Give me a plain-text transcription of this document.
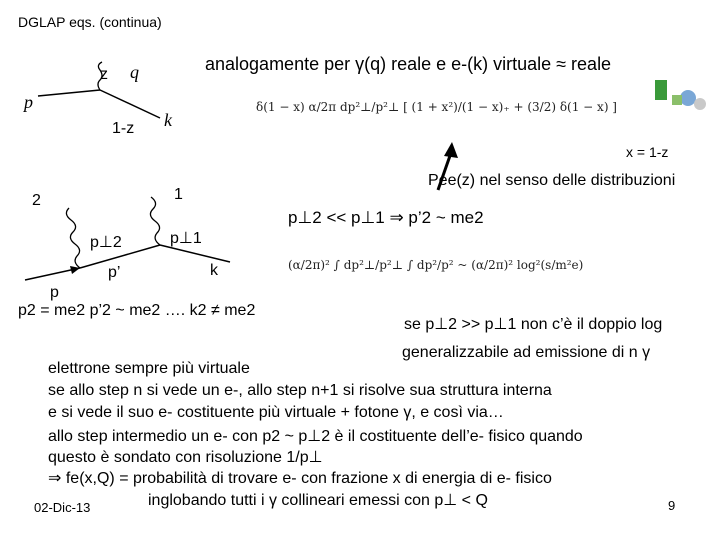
DGLAP eqs. (continua)
analogamente per γ(q) reale e e-(k) virtuale ≈ reale
z q
p
1-z k
δ(1 − x) α/2π dp²⊥/p²⊥ [ (1 + x²)/(1 − x)₊ + (3/2) δ(1 − x) ]
x = 1-z
Pee(z) nel senso delle distribuzioni
2	1
p⊥2	p⊥1
p’	k
p
p⊥2 << p⊥1 ⇒ p’2 ~ me2
(α/2π)² ∫ dp²⊥/p²⊥ ∫ dp²/p² ~ (α/2π)² log²(s/m²e)
p2 = me2 p’2 ~ me2 …. k2 ≠ me2
se p⊥2 >> p⊥1 non c’è il doppio log
generalizzabile ad emissione di n γ
elettrone sempre più virtuale
se allo step n si vede un e-, allo step n+1 si risolve sua struttura interna
e si vede il suo e- costituente più virtuale + fotone γ, e così via…
allo step intermedio un e- con p2 ~ p⊥2 è il costituente dell’e- fisico quando
questo è sondato con risoluzione 1/p⊥
⇒ fe(x,Q) = probabilità di trovare e- con frazione x di energia di e- fisico
inglobando tutti i γ collineari emessi con p⊥ < Q
02-Dic-13	9
